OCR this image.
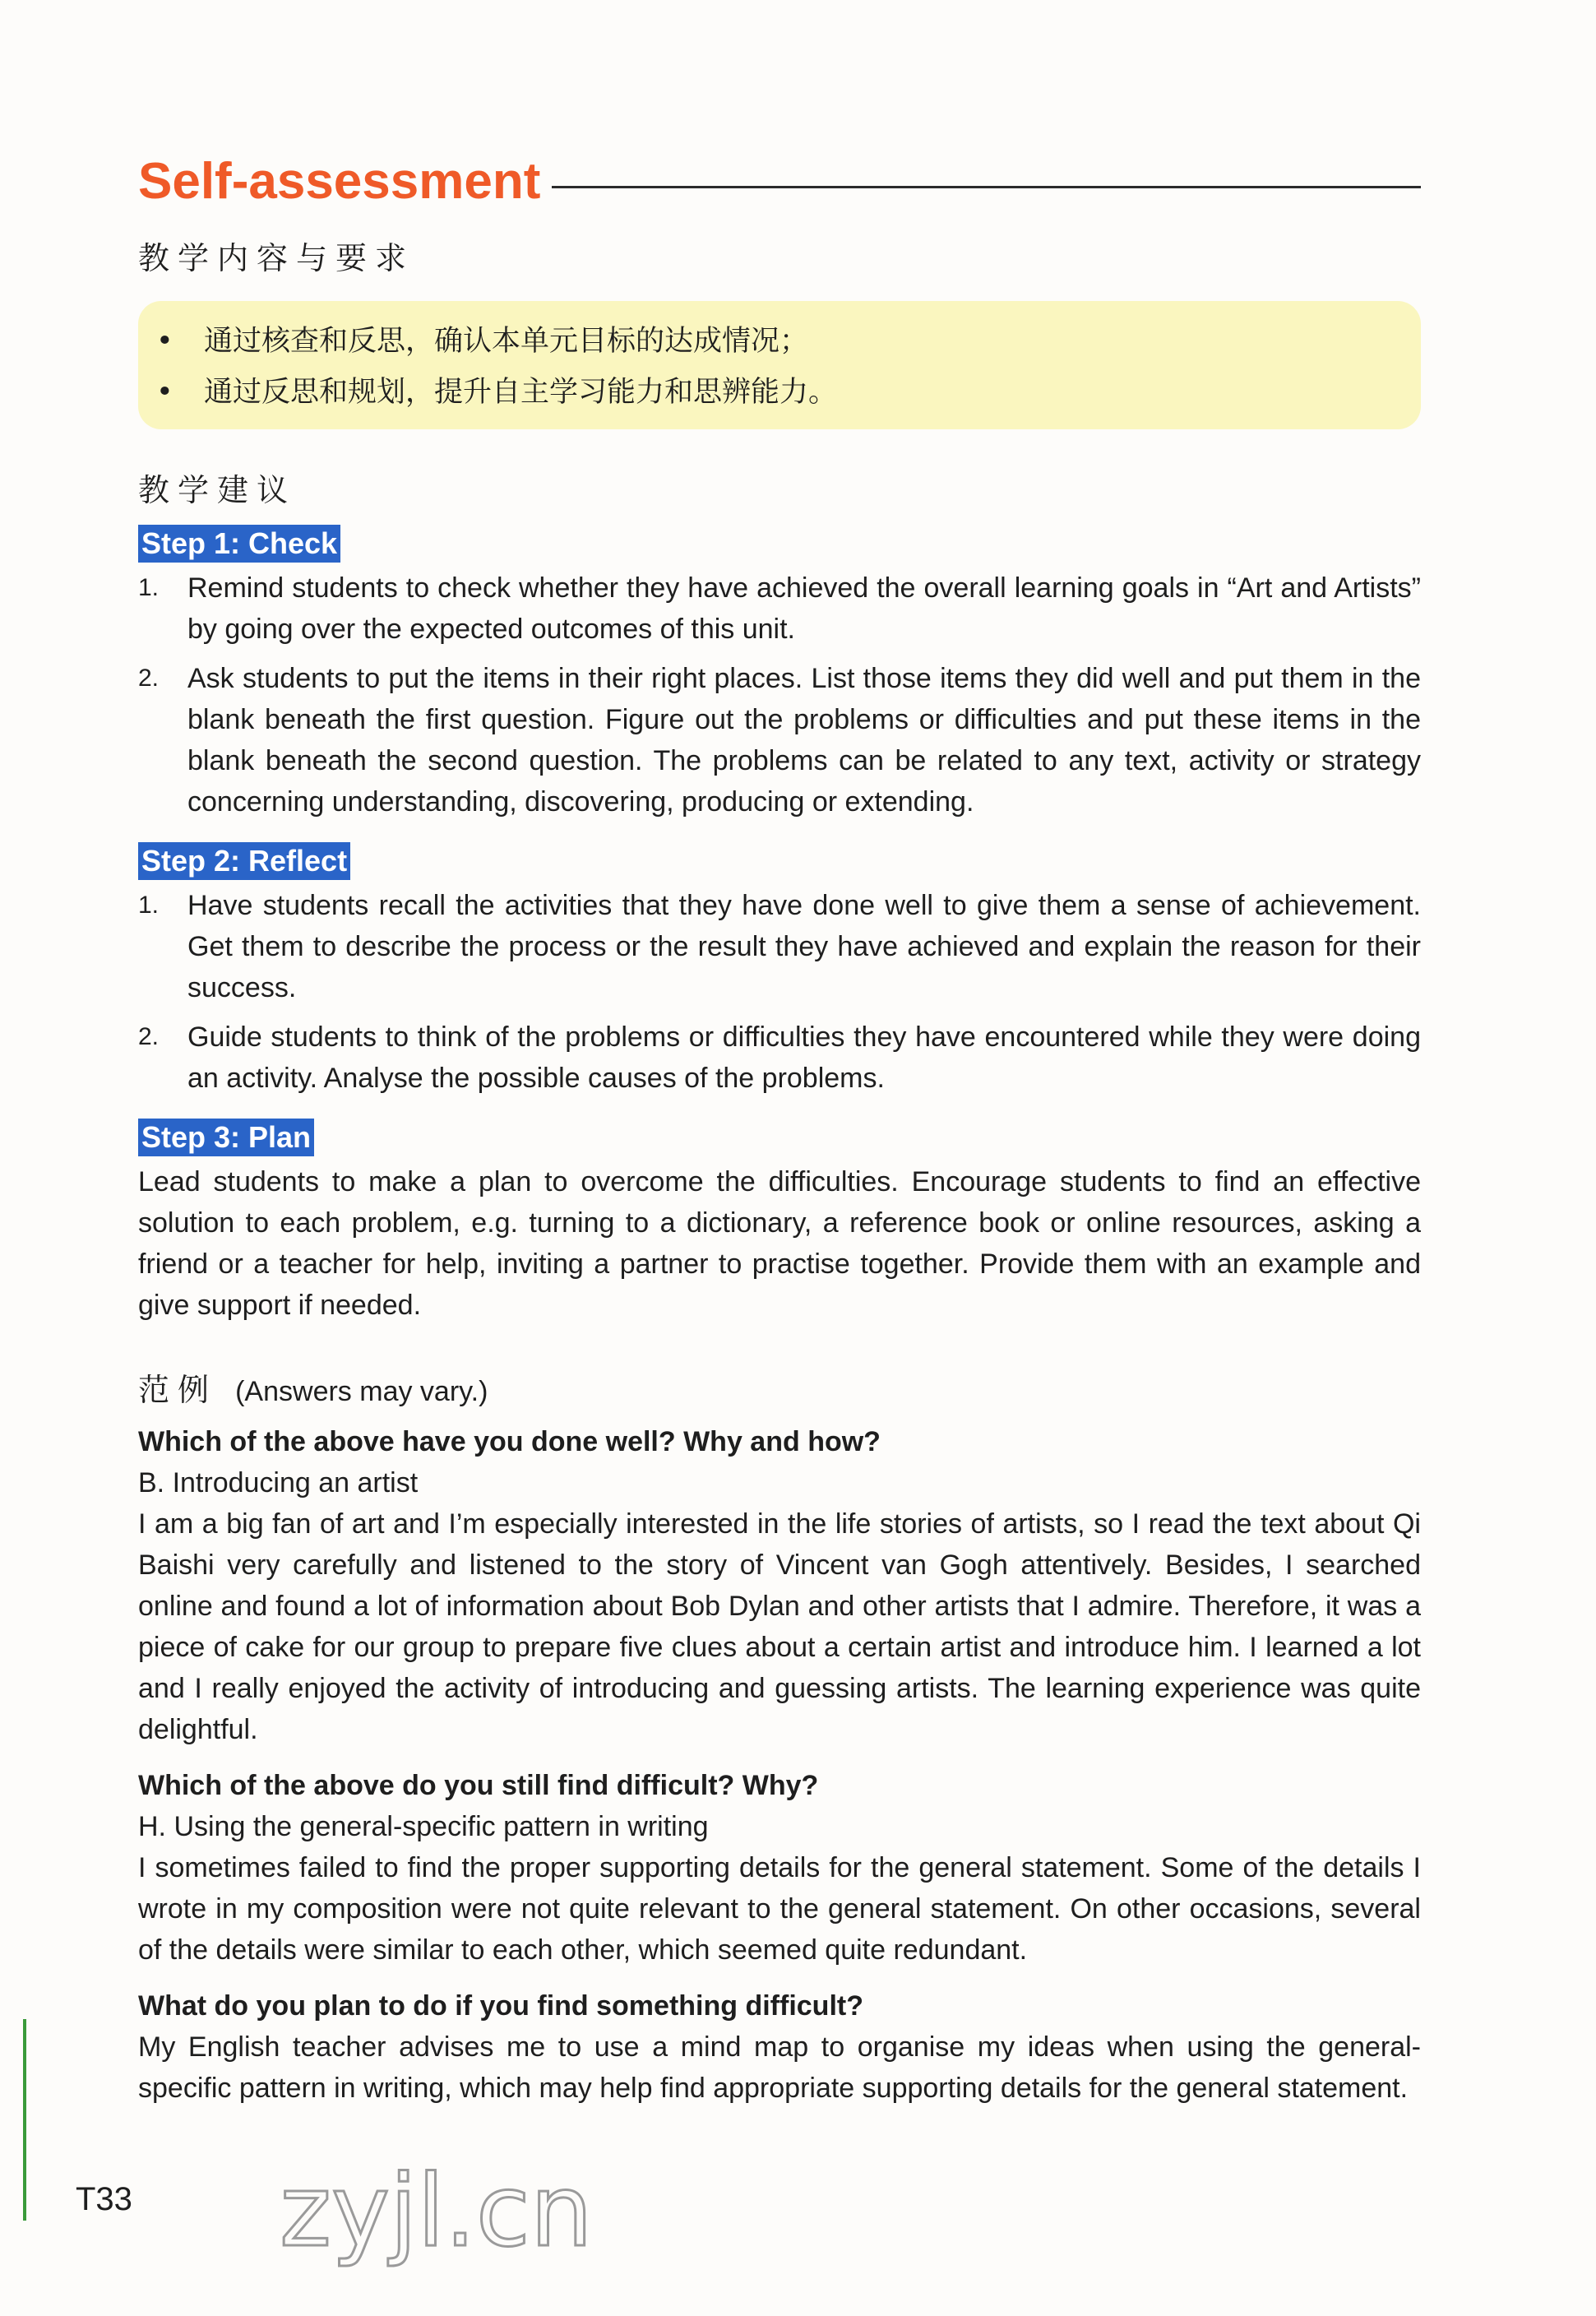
Self-assessment
教学内容与要求
• 通过核查和反思，确认本单元目标的达成情况；
• 通过反思和规划，提升自主学习能力和思辨能力。
教学建议
Step 1: Check
1. Remind students to check whether they have achieved the overall learning goals in “Art and Artists” by going over the expected outcomes of this unit.
2. Ask students to put the items in their right places. List those items they did well and put them in the blank beneath the first question. Figure out the problems or difficulties and put these items in the blank beneath the second question. The problems can be related to any text, activity or strategy concerning understanding, discovering, producing or extending.
Step 2: Reflect
1. Have students recall the activities that they have done well to give them a sense of achievement. Get them to describe the process or the result they have achieved and explain the reason for their success.
2. Guide students to think of the problems or difficulties they have encountered while they were doing an activity. Analyse the possible causes of the problems.
Step 3: Plan
Lead students to make a plan to overcome the difficulties. Encourage students to find an effective solution to each problem, e.g. turning to a dictionary, a reference book or online resources, asking a friend or a teacher for help, inviting a partner to practise together. Provide them with an example and give support if needed.
范例 (Answers may vary.)
Which of the above have you done well? Why and how?
B. Introducing an artist
I am a big fan of art and I’m especially interested in the life stories of artists, so I read the text about Qi Baishi very carefully and listened to the story of Vincent van Gogh attentively. Besides, I searched online and found a lot of information about Bob Dylan and other artists that I admire. Therefore, it was a piece of cake for our group to prepare five clues about a certain artist and introduce him. I learned a lot and I really enjoyed the activity of introducing and guessing artists. The learning experience was quite delightful.
Which of the above do you still find difficult? Why?
H. Using the general-specific pattern in writing
I sometimes failed to find the proper supporting details for the general statement. Some of the details I wrote in my composition were not quite relevant to the general statement. On other occasions, several of the details were similar to each other, which seemed quite redundant.
What do you plan to do if you find something difficult?
My English teacher advises me to use a mind map to organise my ideas when using the general-specific pattern in writing, which may help find appropriate supporting details for the general statement.
T33 zyjl.cn
